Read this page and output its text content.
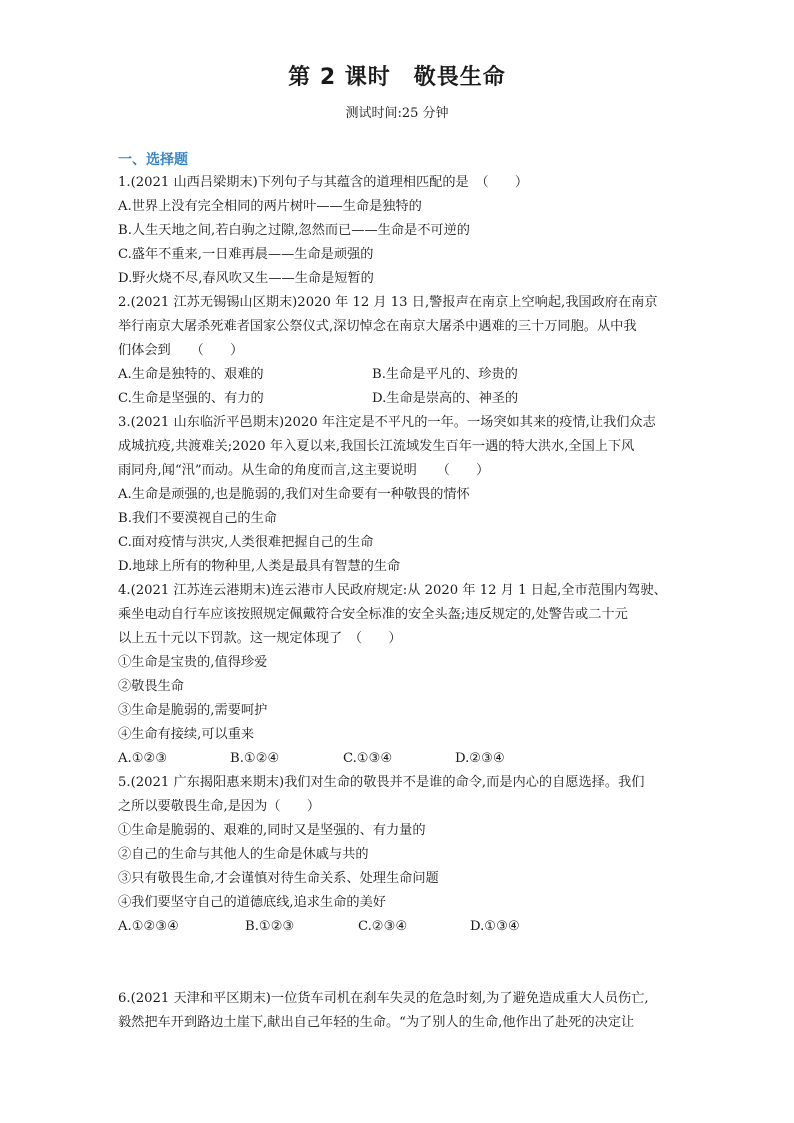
第 2 课时　敬畏生命
测试时间:25 分钟
一、选择题
1.(2021 山西吕梁期末)下列句子与其蕴含的道理相匹配的是　（　　）
A.世界上没有完全相同的两片树叶——生命是独特的
B.人生天地之间,若白驹之过隙,忽然而已——生命是不可逆的
C.盛年不重来,一日难再晨——生命是顽强的
D.野火烧不尽,春风吹又生——生命是短暂的
2.(2021 江苏无锡锡山区期末)2020 年 12 月 13 日,警报声在南京上空响起,我国政府在南京
举行南京大屠杀死难者国家公祭仪式,深切悼念在南京大屠杀中遇难的三十万同胞。从中我
们体会到　　（　　）
A.生命是独特的、艰难的	B.生命是平凡的、珍贵的
C.生命是坚强的、有力的	D.生命是崇高的、神圣的
3.(2021 山东临沂平邑期末)2020 年注定是不平凡的一年。一场突如其来的疫情,让我们众志
成城抗疫,共渡难关;2020 年入夏以来,我国长江流域发生百年一遇的特大洪水,全国上下风
雨同舟,闻“汛”而动。从生命的角度而言,这主要说明　　（　　）
A.生命是顽强的,也是脆弱的,我们对生命要有一种敬畏的情怀
B.我们不要漠视自己的生命
C.面对疫情与洪灾,人类很难把握自己的生命
D.地球上所有的物种里,人类是最具有智慧的生命
4.(2021 江苏连云港期末)连云港市人民政府规定:从 2020 年 12 月 1 日起,全市范围内驾驶、
乘坐电动自行车应该按照规定佩戴符合安全标准的安全头盔;违反规定的,处警告或二十元
以上五十元以下罚款。这一规定体现了　（　　）
①生命是宝贵的,值得珍爱
②敬畏生命
③生命是脆弱的,需要呵护
④生命有接续,可以重来
A.①②③	B.①②④	C.①③④	D.②③④
5.(2021 广东揭阳惠来期末)我们对生命的敬畏并不是谁的命令,而是内心的自愿选择。我们
之所以要敬畏生命,是因为（　　）
①生命是脆弱的、艰难的,同时又是坚强的、有力量的
②自己的生命与其他人的生命是休戚与共的
③只有敬畏生命,才会谨慎对待生命关系、处理生命问题
④我们要坚守自己的道德底线,追求生命的美好
A.①②③④	B.①②③	C.②③④	D.①③④
6.(2021 天津和平区期末)一位货车司机在刹车失灵的危急时刻,为了避免造成重大人员伤亡,
毅然把车开到路边土崖下,献出自己年轻的生命。“为了别人的生命,他作出了赴死的决定让
